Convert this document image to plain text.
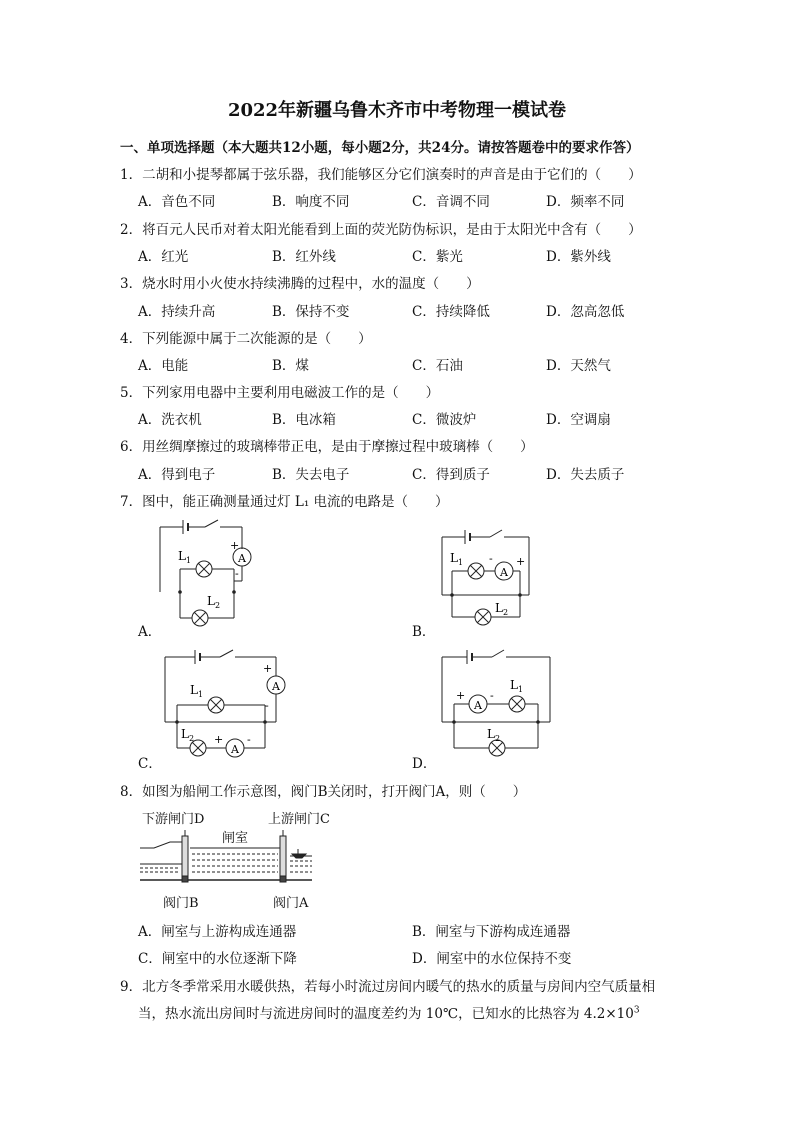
2022年新疆乌鲁木齐市中考物理一模试卷
一、单项选择题（本大题共12小题，每小题2分，共24分。请按答题卷中的要求作答）
1．二胡和小提琴都属于弦乐器，我们能够区分它们演奏时的声音是由于它们的（　　）
A．音色不同	B．响度不同	C．音调不同	D．频率不同
2．将百元人民币对着太阳光能看到上面的荧光防伪标识，是由于太阳光中含有（　　）
A．红光	B．红外线	C．紫光	D．紫外线
3．烧水时用小火使水持续沸腾的过程中，水的温度（　　）
A．持续升高	B．保持不变	C．持续降低	D．忽高忽低
4．下列能源中属于二次能源的是（　　）
A．电能	B．煤	C．石油	D．天然气
5．下列家用电器中主要利用电磁波工作的是（　　）
A．洗衣机	B．电冰箱	C．微波炉	D．空调扇
6．用丝绸摩擦过的玻璃棒带正电，是由于摩擦过程中玻璃棒（　　）
A．得到电子	B．失去电子	C．得到质子	D．失去质子
7．图中，能正确测量通过灯 L₁ 电流的电路是（　　）
A．
A
+
-
$L_1$
$L_2$
B．
A
- +
$L_1$
$L_2$
C．
A
A
+
-
+ -
$L_1$
$L_2$
D．
A
+ -
$L_1$
$L_2$
8．如图为船闸工作示意图，阀门B关闭时，打开阀门A，则（　　）
下游闸门D	上游闸门C
闸室
阀门B	阀门A
A．闸室与上游构成连通器	B．闸室与下游构成连通器
C．闸室中的水位逐渐下降	D．闸室中的水位保持不变
9．北方冬季常采用水暖供热，若每小时流过房间内暖气的热水的质量与房间内空气质量相
当，热水流出房间时与流进房间时的温度差约为 10℃，已知水的比热容为 $4.2\times 10^3$
